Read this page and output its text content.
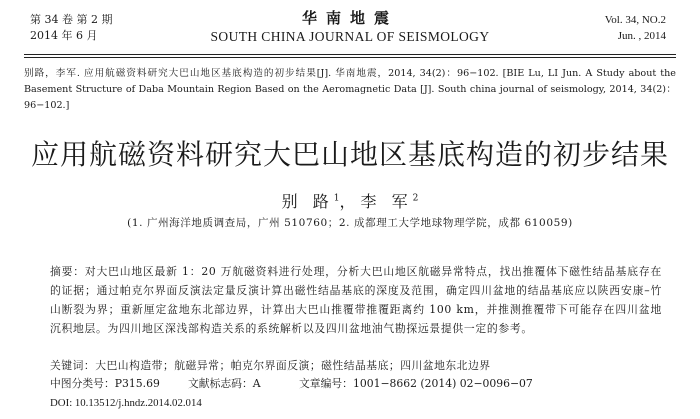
第 34 卷 第 2 期
2014 年 6 月
华南地震
SOUTH CHINA JOURNAL OF SEISMOLOGY
Vol. 34, NO.2
Jun. , 2014
别路，李军. 应用航磁资料研究大巴山地区基底构造的初步结果[J]. 华南地震，2014, 34(2)：96−102. [BIE Lu, LI Jun. A Study about the Basement Structure of Daba Mountain Region Based on the Aeromagnetic Data [J]. South china journal of seismology, 2014, 34(2)：96−102.]
应用航磁资料研究大巴山地区基底构造的初步结果
别 路$^1$，李 军$^2$
(1. 广州海洋地质调查局，广州 510760；2. 成都理工大学地球物理学院，成都 610059)
摘要：对大巴山地区最新 1：20 万航磁资料进行处理，分析大巴山地区航磁异常特点，找出推覆体下磁性结晶基底存在的证据；通过帕克尔界面反演法定量反演计算出磁性结晶基底的深度及范围，确定四川盆地的结晶基底应以陕西安康–竹山断裂为界；重新厘定盆地东北部边界，计算出大巴山推覆带推覆距离约 100 km，并推测推覆带下可能存在四川盆地沉积地层。为四川地区深浅部构造关系的系统解析以及四川盆地油气勘探远景提供一定的参考。
关键词：大巴山构造带；航磁异常；帕克尔界面反演；磁性结晶基底；四川盆地东北边界
中图分类号：P315.69	文献标志码：A	文章编号：1001−8662 (2014) 02−0096−07
DOI: 10.13512/j.hndz.2014.02.014
